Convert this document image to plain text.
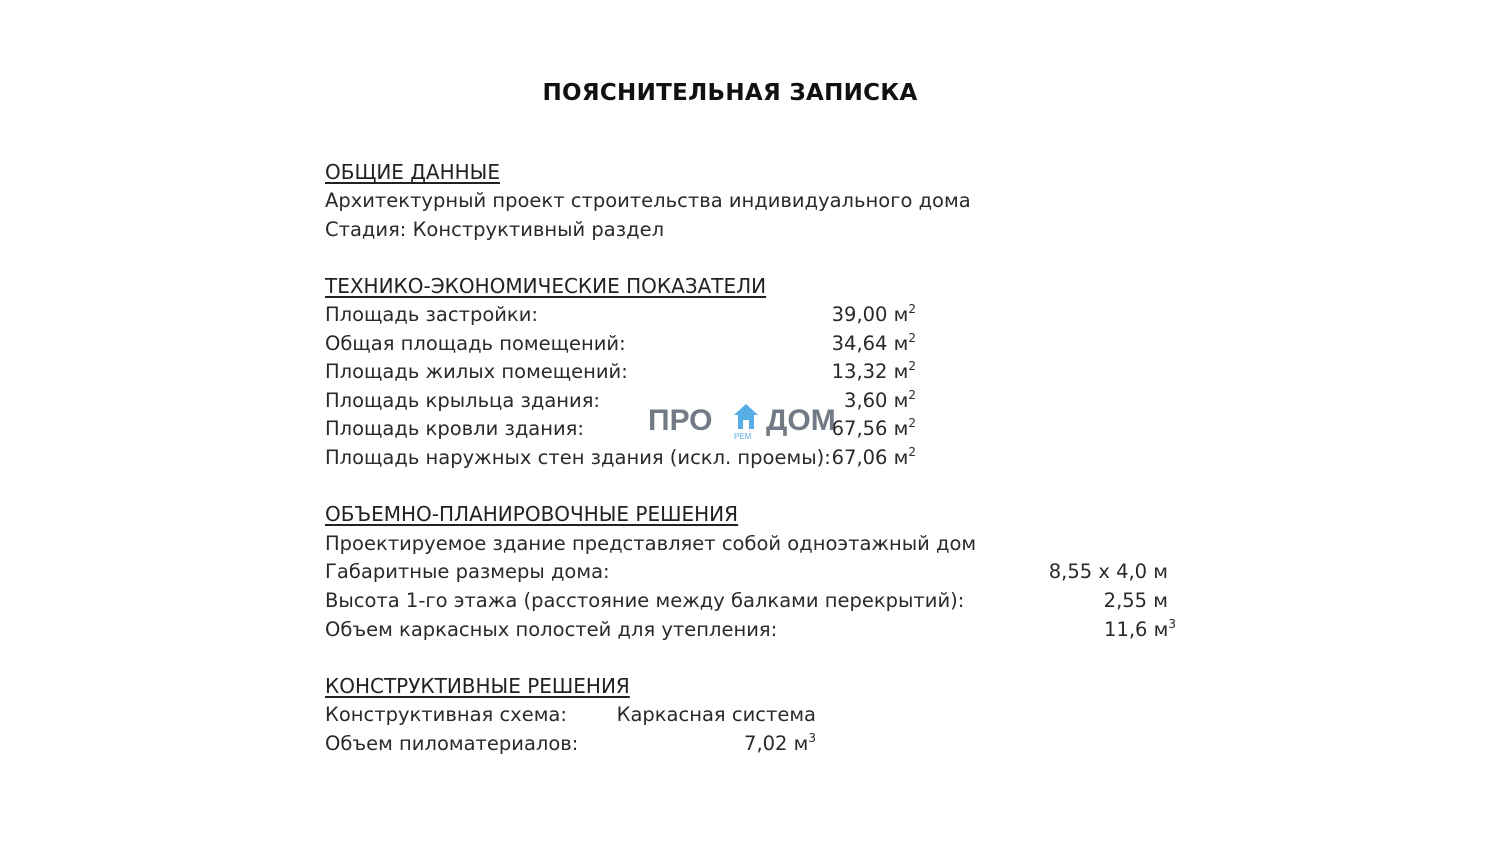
ПОЯСНИТЕЛЬНАЯ ЗАПИСКА
ОБЩИЕ ДАННЫЕ
Архитектурный проект строительства индивидуального дома
Стадия: Конструктивный раздел
ТЕХНИКО-ЭКОНОМИЧЕСКИЕ ПОКАЗАТЕЛИ
Площадь застройки:	39,00 $м^2$
Общая площадь помещений:	34,64 $м^2$
Площадь жилых помещений:	13,32 $м^2$
Площадь крыльца здания:	3,60 $м^2$
Площадь кровли здания:	67,56 $м^2$
Площадь наружных стен здания (искл. проемы): 67,06 $м^2$
ОБЪЕМНО-ПЛАНИРОВОЧНЫЕ РЕШЕНИЯ
Проектируемое здание представляет собой одноэтажный дом
Габаритные размеры дома:	8,55 х 4,0 м
Высота 1-го этажа (расстояние между балками перекрытий):	2,55 м
Объем каркасных полостей для утепления:	11,6 $м^3$
КОНСТРУКТИВНЫЕ РЕШЕНИЯ
Конструктивная схема:	Каркасная система
Объем пиломатериалов:	7,02 $м^3$
ПРО	РЕМ ДОМ
